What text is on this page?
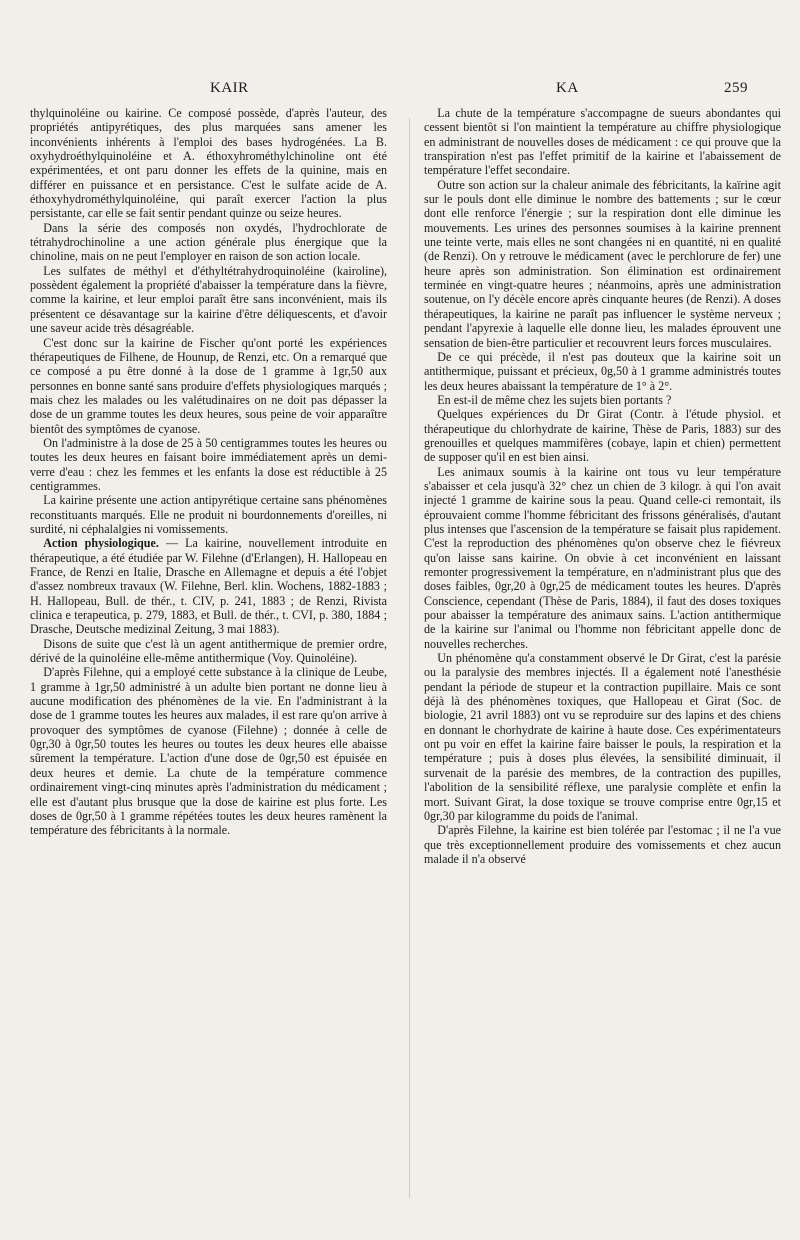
KAIR	KA	259

thylquinoléine ou kairine. Ce composé possède, d'après l'auteur, des propriétés antipyrétiques, des plus marquées sans amener les inconvénients inhérents à l'emploi des bases hydrogénées. La B. oxyhydroéthylquinoléine et A. éthoxyhrométhylchinoline ont été expérimentées, et ont paru donner les effets de la quinine, mais en différer en puissance et en persistance. C'est le sulfate acide de A. éthoxyhydrométhylquinoléine, qui paraît exercer l'action la plus persistante, car elle se fait sentir pendant quinze ou seize heures.

Dans la série des composés non oxydés, l'hydrochlorate de tétrahydrochinoline a une action générale plus énergique que la chinoline, mais on ne peut l'employer en raison de son action locale.

Les sulfates de méthyl et d'éthyltétrahydroquinoléine (kairoline), possèdent également la propriété d'abaisser la température dans la fièvre, comme la kairine, et leur emploi paraît être sans inconvénient, mais ils présentent ce désavantage sur la kairine d'être déliquescents, et d'avoir une saveur acide très désagréable.

C'est donc sur la kairine de Fischer qu'ont porté les expériences thérapeutiques de Filhene, de Hounup, de Renzi, etc. On a remarqué que ce composé a pu être donné à la dose de 1 gramme à 1gr,50 aux personnes en bonne santé sans produire d'effets physiologiques marqués ; mais chez les malades ou les valétudinaires on ne doit pas dépasser la dose de un gramme toutes les deux heures, sous peine de voir apparaître bientôt des symptômes de cyanose.

On l'administre à la dose de 25 à 50 centigrammes toutes les heures ou toutes les deux heures en faisant boire immédiatement après un demi-verre d'eau : chez les femmes et les enfants la dose est réductible à 25 centigrammes.

La kairine présente une action antipyrétique certaine sans phénomènes reconstituants marqués. Elle ne produit ni bourdonnements d'oreilles, ni surdité, ni céphalalgies ni vomissements.

Action physiologique. — La kairine, nouvellement introduite en thérapeutique, a été étudiée par W. Filehne (d'Erlangen), H. Hallopeau en France, de Renzi en Italie, Drasche en Allemagne et depuis a été l'objet d'assez nombreux travaux (W. Filehne, Berl. klin. Wochens, 1882-1883 ; H. Hallopeau, Bull. de thér., t. CIV, p. 241, 1883 ; de Renzi, Rivista clinica e terapeutica, p. 279, 1883, et Bull. de thér., t. CVI, p. 380, 1884 ; Drasche, Deutsche medizinal Zeitung, 3 mai 1883).

Disons de suite que c'est là un agent antithermique de premier ordre, dérivé de la quinoléine elle-même antithermique (Voy. Quinoléine).

D'après Filehne, qui a employé cette substance à la clinique de Leube, 1 gramme à 1gr,50 administré à un adulte bien portant ne donne lieu à aucune modification des phénomènes de la vie. En l'administrant à la dose de 1 gramme toutes les heures aux malades, il est rare qu'on arrive à provoquer des symptômes de cyanose (Filehne) ; donnée à celle de 0gr,30 à 0gr,50 toutes les heures ou toutes les deux heures elle abaisse sûrement la température. L'action d'une dose de 0gr,50 est épuisée en deux heures et demie. La chute de la température commence ordinairement vingt-cinq minutes après l'administration du médicament ; elle est d'autant plus brusque que la dose de kairine est plus forte. Les doses de 0gr,50 à 1 gramme répétées toutes les deux heures ramènent la température des fébricitants à la normale.

La chute de la température s'accompagne de sueurs abondantes qui cessent bientôt si l'on maintient la température au chiffre physiologique en administrant de nouvelles doses de médicament : ce qui prouve que la transpiration n'est pas l'effet primitif de la kairine et l'abaissement de température l'effet secondaire.

Outre son action sur la chaleur animale des fébricitants, la kaïrine agit sur le pouls dont elle diminue le nombre des battements ; sur le cœur dont elle renforce l'énergie ; sur la respiration dont elle diminue les mouvements. Les urines des personnes soumises à la kairine prennent une teinte verte, mais elles ne sont changées ni en quantité, ni en qualité (de Renzi). On y retrouve le médicament (avec le perchlorure de fer) une heure après son administration. Son élimination est ordinairement terminée en vingt-quatre heures ; néanmoins, après une administration soutenue, on l'y décèle encore après cinquante heures (de Renzi). A doses thérapeutiques, la kairine ne paraît pas influencer le système nerveux ; pendant l'apyrexie à laquelle elle donne lieu, les malades éprouvent une sensation de bien-être particulier et recouvrent leurs forces musculaires.

De ce qui précède, il n'est pas douteux que la kairine soit un antithermique, puissant et précieux, 0g,50 à 1 gramme administrés toutes les deux heures abaissant la température de 1° à 2°.

En est-il de même chez les sujets bien portants ?

Quelques expériences du Dr Girat (Contr. à l'étude physiol. et thérapeutique du chlorhydrate de kairine, Thèse de Paris, 1883) sur des grenouilles et quelques mammifères (cobaye, lapin et chien) permettent de supposer qu'il en est bien ainsi.

Les animaux soumis à la kairine ont tous vu leur température s'abaisser et cela jusqu'à 32° chez un chien de 3 kilogr. à qui l'on avait injecté 1 gramme de kairine sous la peau. Quand celle-ci remontait, ils éprouvaient comme l'homme fébricitant des frissons généralisés, d'autant plus intenses que l'ascension de la température se faisait plus rapidement. C'est la reproduction des phénomènes qu'on observe chez le fiévreux qu'on laisse sans kairine. On obvie à cet inconvénient en laissant remonter progressivement la température, en n'administrant plus que des doses faibles, 0gr,20 à 0gr,25 de médicament toutes les heures. D'après Conscience, cependant (Thèse de Paris, 1884), il faut des doses toxiques pour abaisser la température des animaux sains. L'action antithermique de la kairine sur l'animal ou l'homme non fébricitant appelle donc de nouvelles recherches.

Un phénomène qu'a constamment observé le Dr Girat, c'est la parésie ou la paralysie des membres injectés. Il a également noté l'anesthésie pendant la période de stupeur et la contraction pupillaire. Mais ce sont déjà là des phénomènes toxiques, que Hallopeau et Girat (Soc. de biologie, 21 avril 1883) ont vu se reproduire sur des lapins et des chiens en donnant le chorhydrate de kairine à haute dose. Ces expérimentateurs ont pu voir en effet la kairine faire baisser le pouls, la respiration et la température ; puis à doses plus élevées, la sensibilité diminuait, il survenait de la parésie des membres, de la contraction des pupilles, l'abolition de la sensibilité réflexe, une paralysie complète et enfin la mort. Suivant Girat, la dose toxique se trouve comprise entre 0gr,15 et 0gr,30 par kilogramme du poids de l'animal.

D'après Filehne, la kairine est bien tolérée par l'estomac ; il ne l'a vue que très exceptionnellement produire des vomissements et chez aucun malade il n'a observé
